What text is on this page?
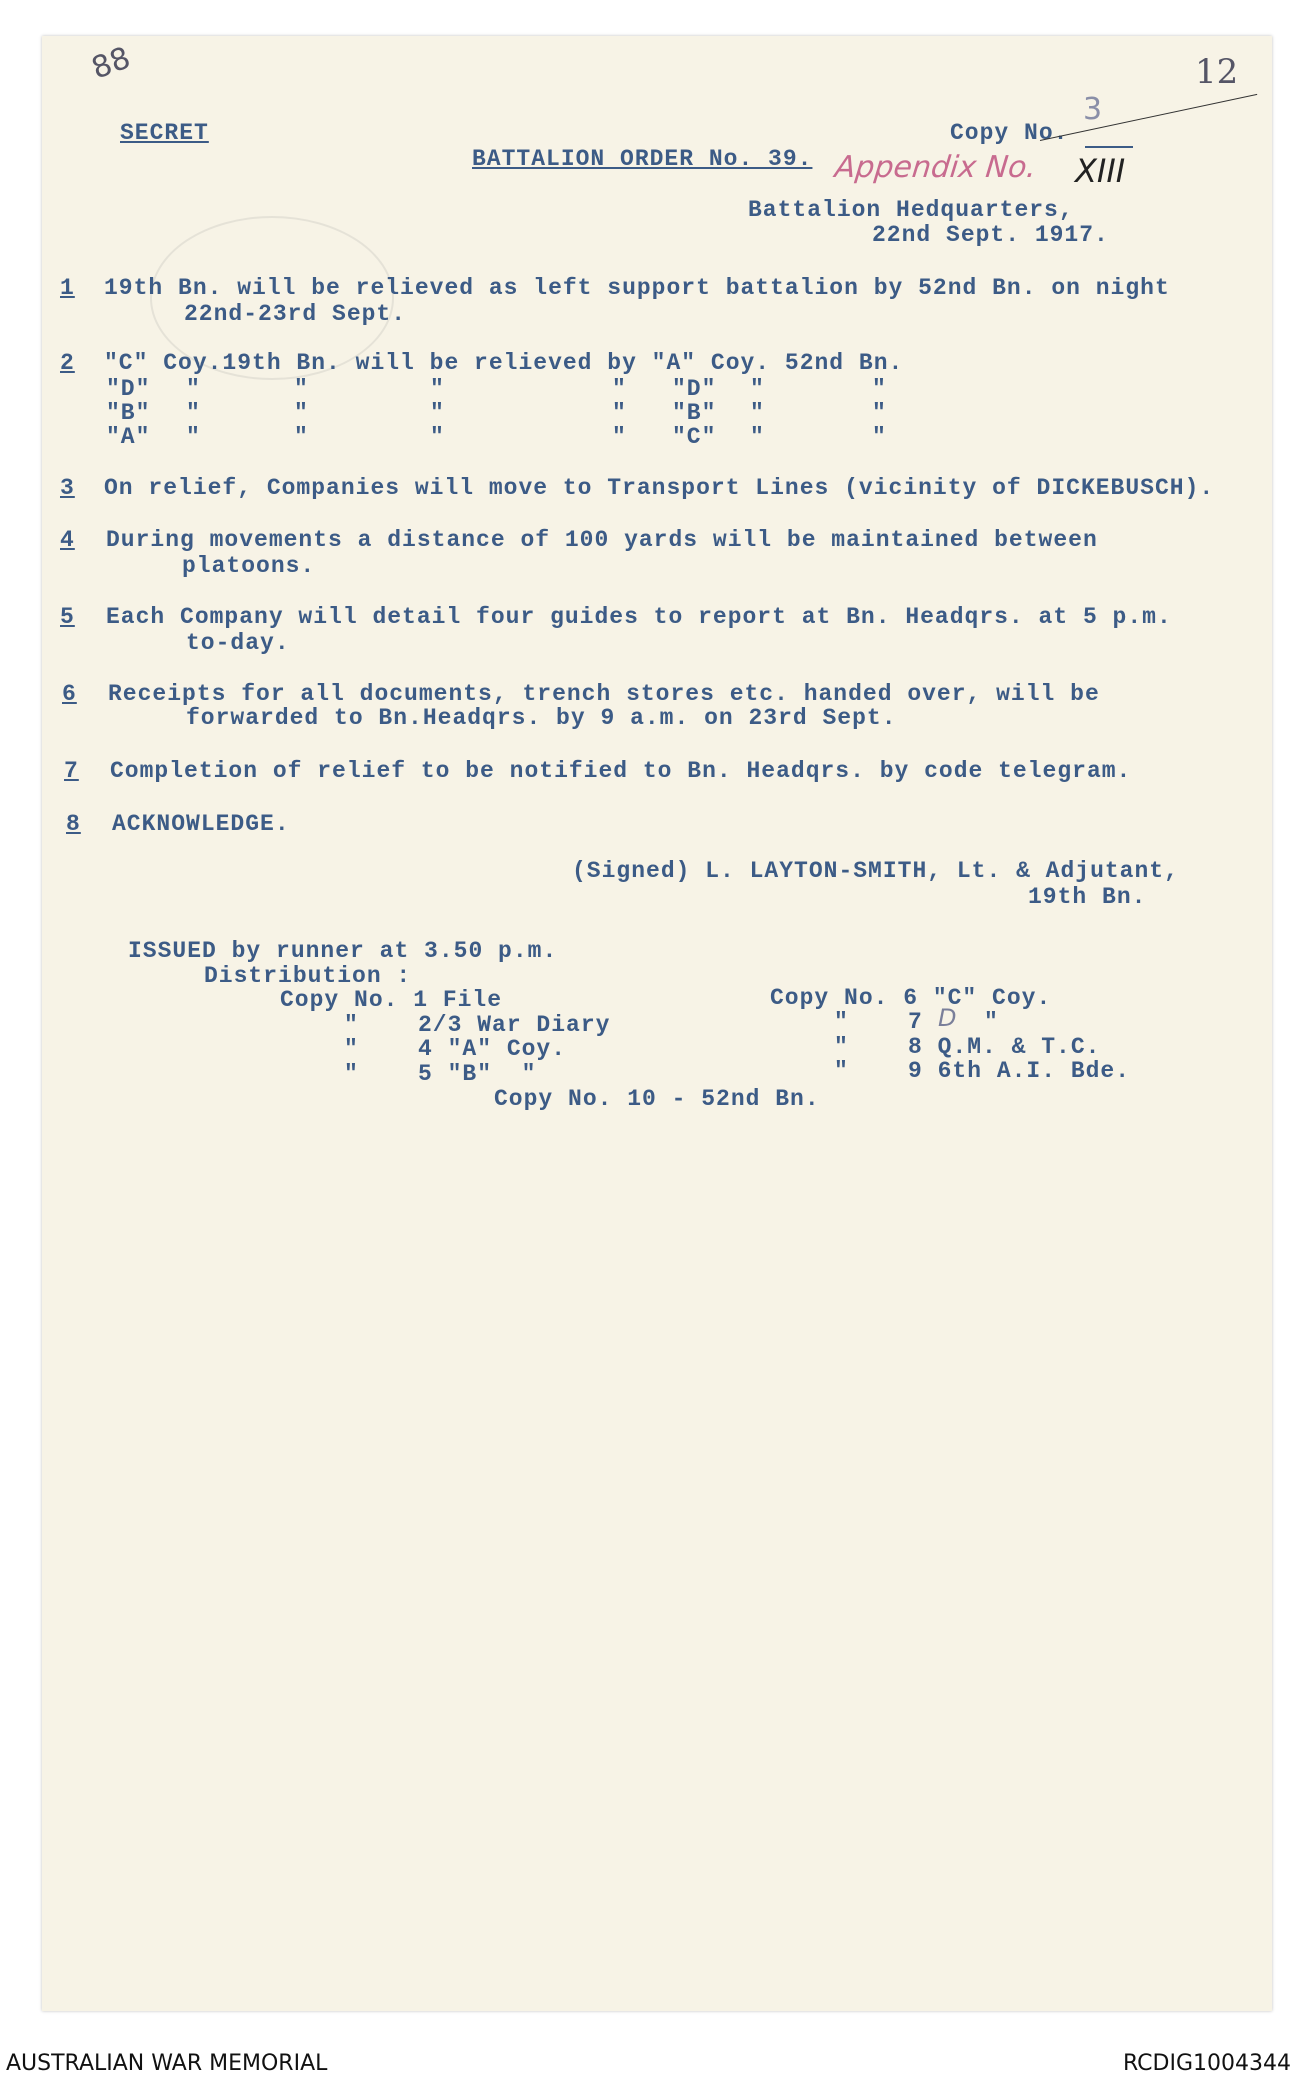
88	12
3
SECRET	Copy No.
BATTALION ORDER No. 39. Appendix No. XIII
Battalion Hedquarters,
22nd Sept. 1917.
1 19th Bn. will be relieved as left support battalion by 52nd Bn. on night
22nd-23rd Sept.
2 "C" Coy.19th Bn. will be relieved by "A" Coy. 52nd Bn.
"D" "	"	"	" "D" "	"
"B" "	"	"	" "B" "	"
"A" "	"	"	" "C" "	"
3 On relief, Companies will move to Transport Lines (vicinity of DICKEBUSCH).
4 During movements a distance of 100 yards will be maintained between
platoons.
5 Each Company will detail four guides to report at Bn. Headqrs. at 5 p.m.
to-day.
6 Receipts for all documents, trench stores etc. handed over, will be
forwarded to Bn.Headqrs. by 9 a.m. on 23rd Sept.
7 Completion of relief to be notified to Bn. Headqrs. by code telegram.
8 ACKNOWLEDGE.
(Signed) L. LAYTON-SMITH, Lt. & Adjutant,
19th Bn.
ISSUED by runner at 3.50 p.m.
Distribution :
Copy No. 1 File
"	2/3 War Diary
"	4 "A" Coy.
"	5 "B"  "
Copy No. 6 "C" Coy.
"	7 D "
"	8 Q.M. & T.C.
"	9 6th A.I. Bde.
Copy No. 10 - 52nd Bn.
AUSTRALIAN WAR MEMORIAL	RCDIG1004344
